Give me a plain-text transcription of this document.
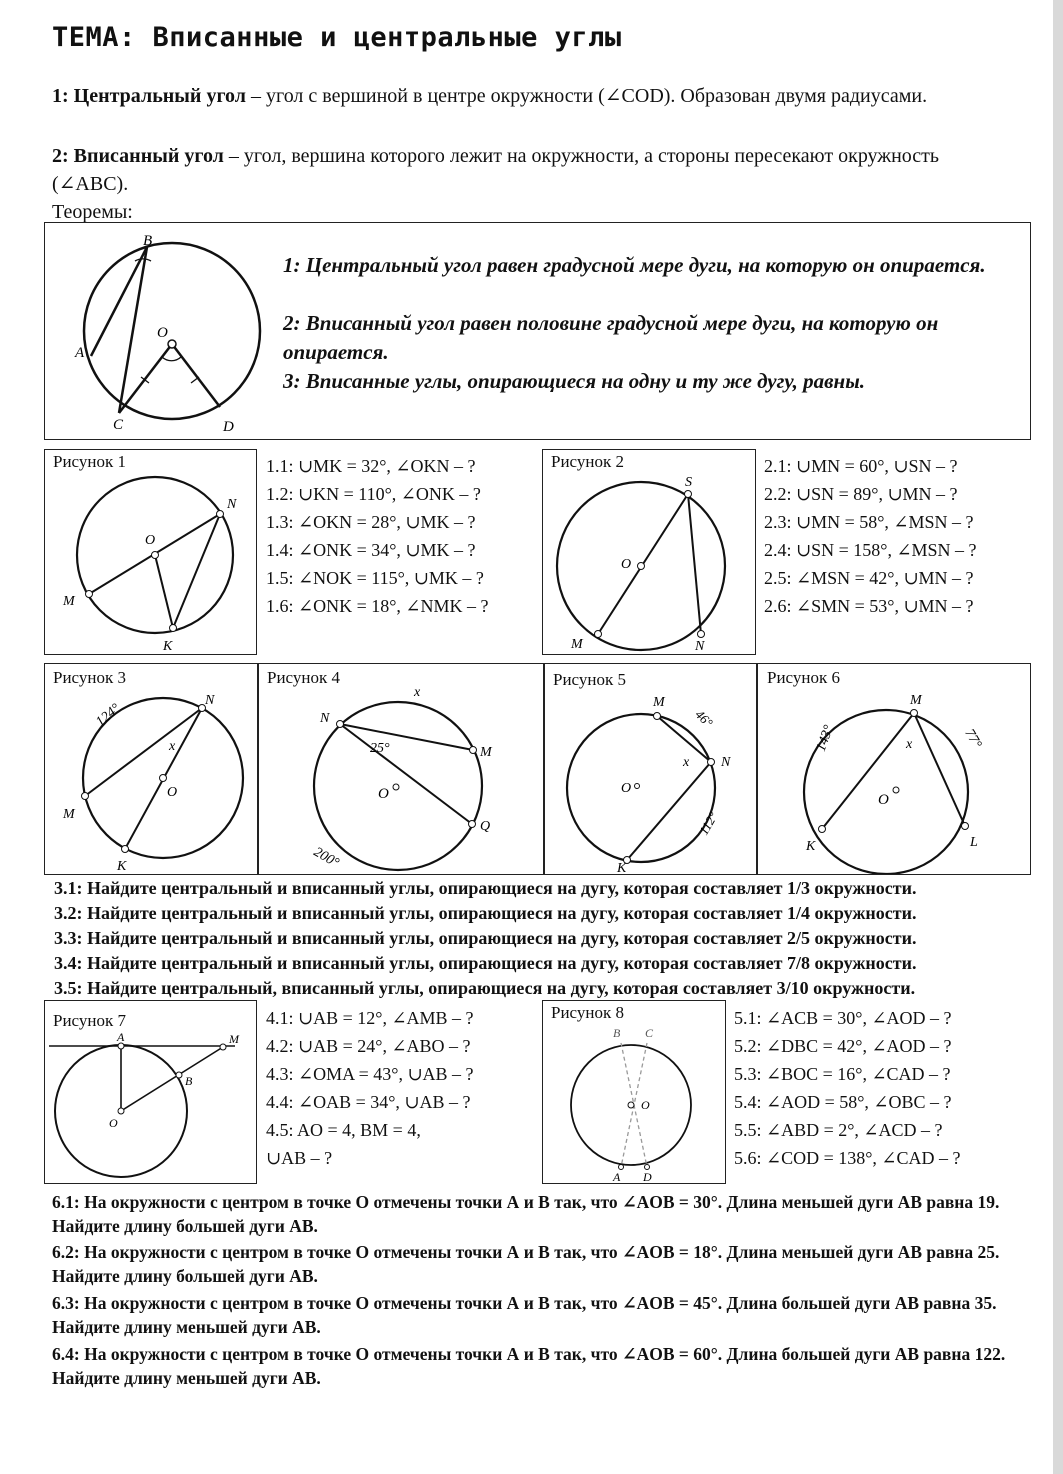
ТЕМА: Вписанные и центральные углы
1: Центральный угол – угол с вершиной в центре окружности (∠COD). Образован двумя радиусами.
2: Вписанный угол – угол, вершина которого лежит на окружности, а стороны пересекают окружность (∠ABC).
Теоремы:
B
A
O
C	D
1: Центральный угол равен градусной мере дуги, на которую он опирается.
2: Вписанный угол равен половине градусной мере дуги, на которую он опирается.
3: Вписанные углы, опирающиеся на одну и ту же дугу, равны.
Рисунок 1
O
M
N
K
1.1: ∪MK = 32°, ∠OKN – ?
1.2: ∪KN = 110°, ∠ONK – ?
1.3: ∠OKN = 28°, ∪MK – ?
1.4: ∠ONK = 34°, ∪MK – ?
1.5: ∠NOK = 115°, ∪MK – ?
1.6: ∠ONK = 18°, ∠NMK – ?
Рисунок 2
S
O
M	N
2.1: ∪MN = 60°, ∪SN – ?
2.2: ∪SN = 89°, ∪MN – ?
2.3: ∪MN = 58°, ∠MSN – ?
2.4: ∪SN = 158°, ∠MSN – ?
2.5: ∠MSN = 42°, ∪MN – ?
2.6: ∠SMN = 53°, ∪MN – ?
Рисунок 3
124°
N
x
O
M
K
Рисунок 4
x
N
25°	M
O
Q
200°
Рисунок 5
M
46°
x N
O
112°
K
Рисунок 6
M
143°	77°
x
O
K	L
3.1: Найдите центральный и вписанный углы, опирающиеся на дугу, которая составляет 1/3 окружности.
3.2: Найдите центральный и вписанный углы, опирающиеся на дугу, которая составляет 1/4 окружности.
3.3: Найдите центральный и вписанный углы, опирающиеся на дугу, которая составляет 2/5 окружности.
3.4: Найдите центральный и вписанный углы, опирающиеся на дугу, которая составляет 7/8 окружности.
3.5: Найдите центральный, вписанный углы, опирающиеся на дугу, которая составляет 3/10 окружности.
Рисунок 7
A	M
B
O
4.1: ∪AB = 12°, ∠AMB – ?
4.2: ∪AB = 24°, ∠ABO – ?
4.3: ∠OMA = 43°, ∪AB – ?
4.4: ∠OAB = 34°, ∪AB – ?
4.5: AO = 4, BM = 4,
∪AB – ?
Рисунок 8
B C
O
A D
5.1: ∠ACB = 30°, ∠AOD – ?
5.2: ∠DBC = 42°, ∠AOD – ?
5.3: ∠BOC = 16°, ∠CAD – ?
5.4: ∠AOD = 58°, ∠OBC – ?
5.5: ∠ABD = 2°, ∠ACD – ?
5.6: ∠COD = 138°, ∠CAD – ?
6.1: На окружности с центром в точке О отмечены точки А и В так, что ∠AOB = 30°. Длина меньшей дуги АВ равна 19. Найдите длину большей дуги АВ.
6.2: На окружности с центром в точке О отмечены точки А и В так, что ∠AOB = 18°. Длина меньшей дуги АВ равна 25. Найдите длину большей дуги АВ.
6.3: На окружности с центром в точке О отмечены точки А и В так, что ∠AOB = 45°. Длина большей дуги АВ равна 35. Найдите длину меньшей дуги АВ.
6.4: На окружности с центром в точке О отмечены точки А и В так, что ∠AOB = 60°. Длина большей дуги АВ равна 122. Найдите длину меньшей дуги АВ.
